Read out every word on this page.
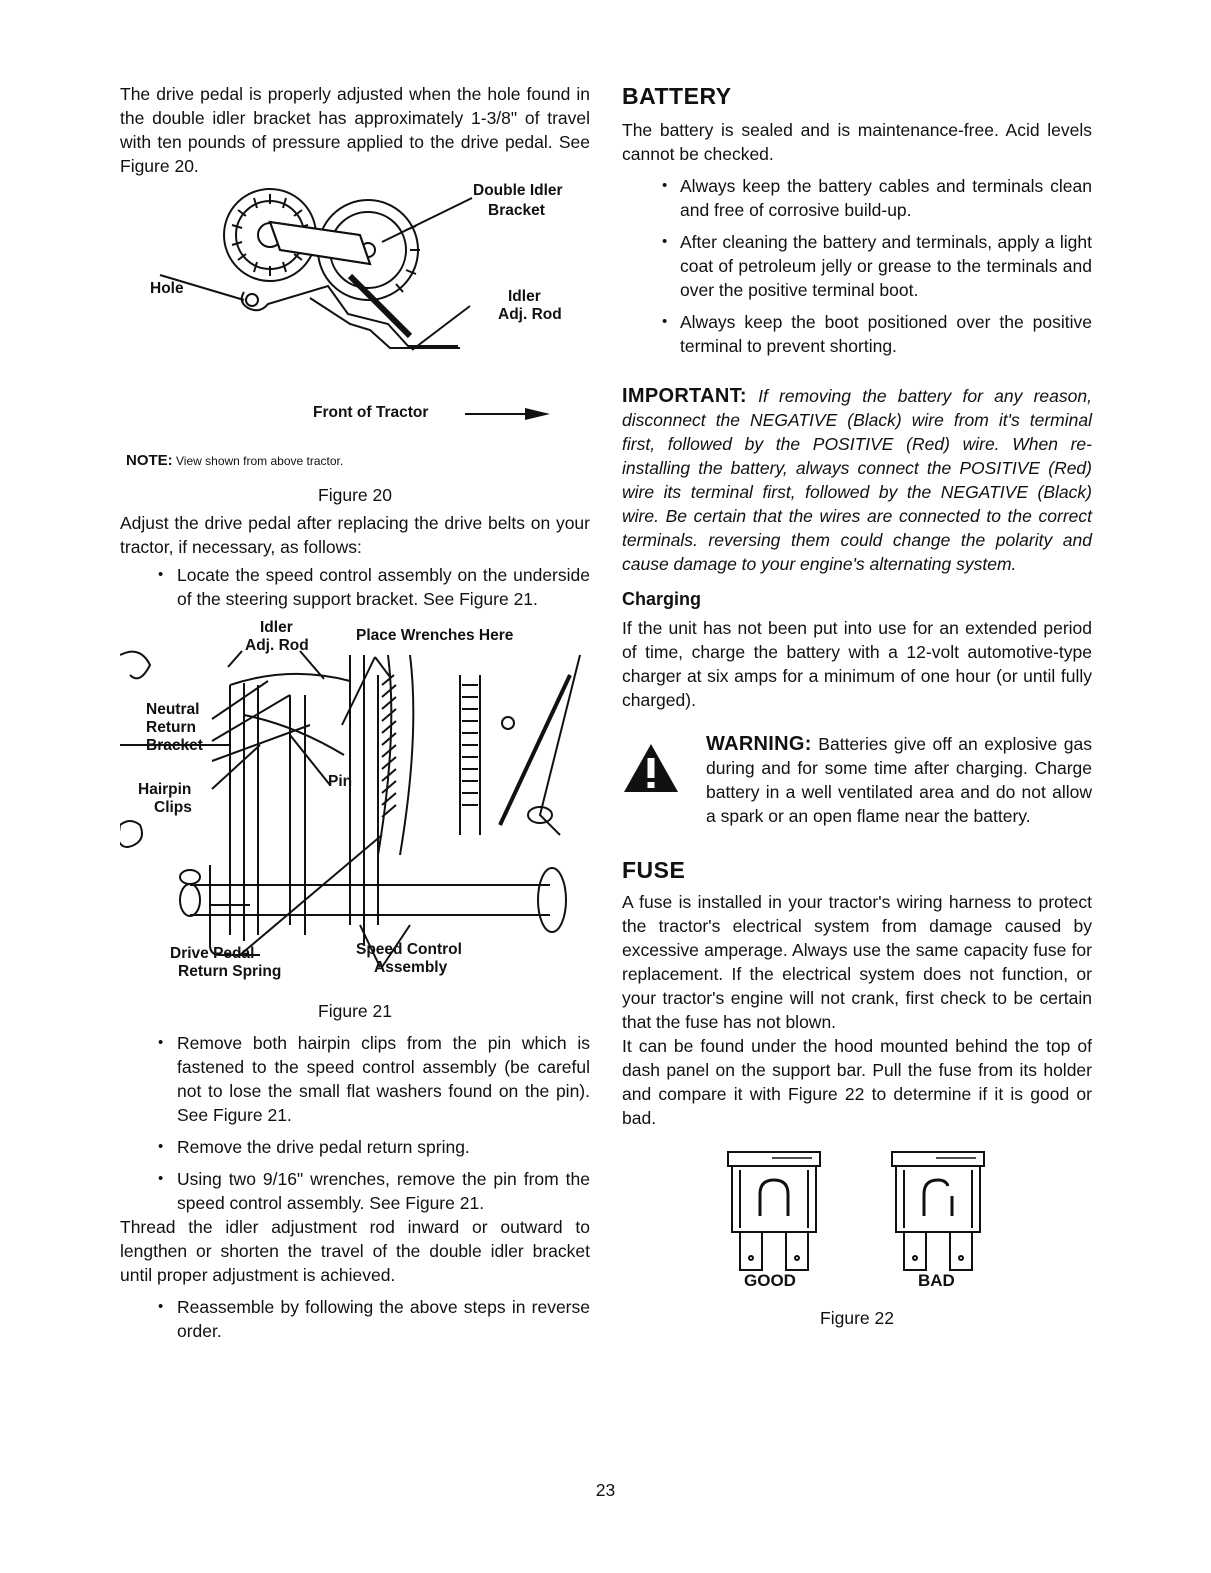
The drive pedal is properly adjusted when the hole found in the double idler bracket has approximately 1-3/8" of travel with ten pounds of pressure applied to the drive pedal. See Figure 20.

Double Idler
Bracket
Hole	Idler
Adj. Rod
Front of Tractor
NOTE: View shown from above tractor.
Figure 20

Adjust the drive pedal after replacing the drive belts on your tractor, if necessary, as follows:

• Locate the speed control assembly on the underside of the steering support bracket. See Figure 21.
Idler
Adj. Rod
Place Wrenches Here
Neutral
Return
Bracket
Pin
Hairpin
Clips
Drive Pedal
Return Spring
Speed Control
Assembly
Figure 21
• Remove both hairpin clips from the pin which is fastened to the speed control assembly (be careful not to lose the small flat washers found on the pin). See Figure 21.
• Remove the drive pedal return spring.
• Using two 9/16" wrenches, remove the pin from the speed control assembly. See Figure 21.

Thread the idler adjustment rod inward or outward to lengthen or shorten the travel of the double idler bracket until proper adjustment is achieved.

• Reassemble by following the above steps in reverse order.
BATTERY

The battery is sealed and is maintenance-free. Acid levels cannot be checked.

• Always keep the battery cables and terminals clean and free of corrosive build-up.
• After cleaning the battery and terminals, apply a light coat of petroleum jelly or grease to the terminals and over the positive terminal boot.
• Always keep the boot positioned over the positive terminal to prevent shorting.

IMPORTANT: If removing the battery for any reason, disconnect the NEGATIVE (Black) wire from it's terminal first, followed by the POSITIVE (Red) wire. When re-installing the battery, always connect the POSITIVE (Red) wire its terminal first, followed by the NEGATIVE (Black) wire. Be certain that the wires are connected to the correct terminals. reversing them could change the polarity and cause damage to your engine's alternating system.

Charging

If the unit has not been put into use for an extended period of time, charge the battery with a 12-volt automotive-type charger at six amps for a minimum of one hour (or until fully charged).

WARNING: Batteries give off an explosive gas during and for some time after charging. Charge battery in a well ventilated area and do not allow a spark or an open flame near the battery.

FUSE

A fuse is installed in your tractor's wiring harness to protect the tractor's electrical system from damage caused by excessive amperage. Always use the same capacity fuse for replacement. If the electrical system does not function, or your tractor's engine will not crank, first check to be certain that the fuse has not blown.

It can be found under the hood mounted behind the top of dash panel on the support bar. Pull the fuse from its holder and compare it with Figure 22 to determine if it is good or bad.

GOOD	BAD
Figure 22
23
